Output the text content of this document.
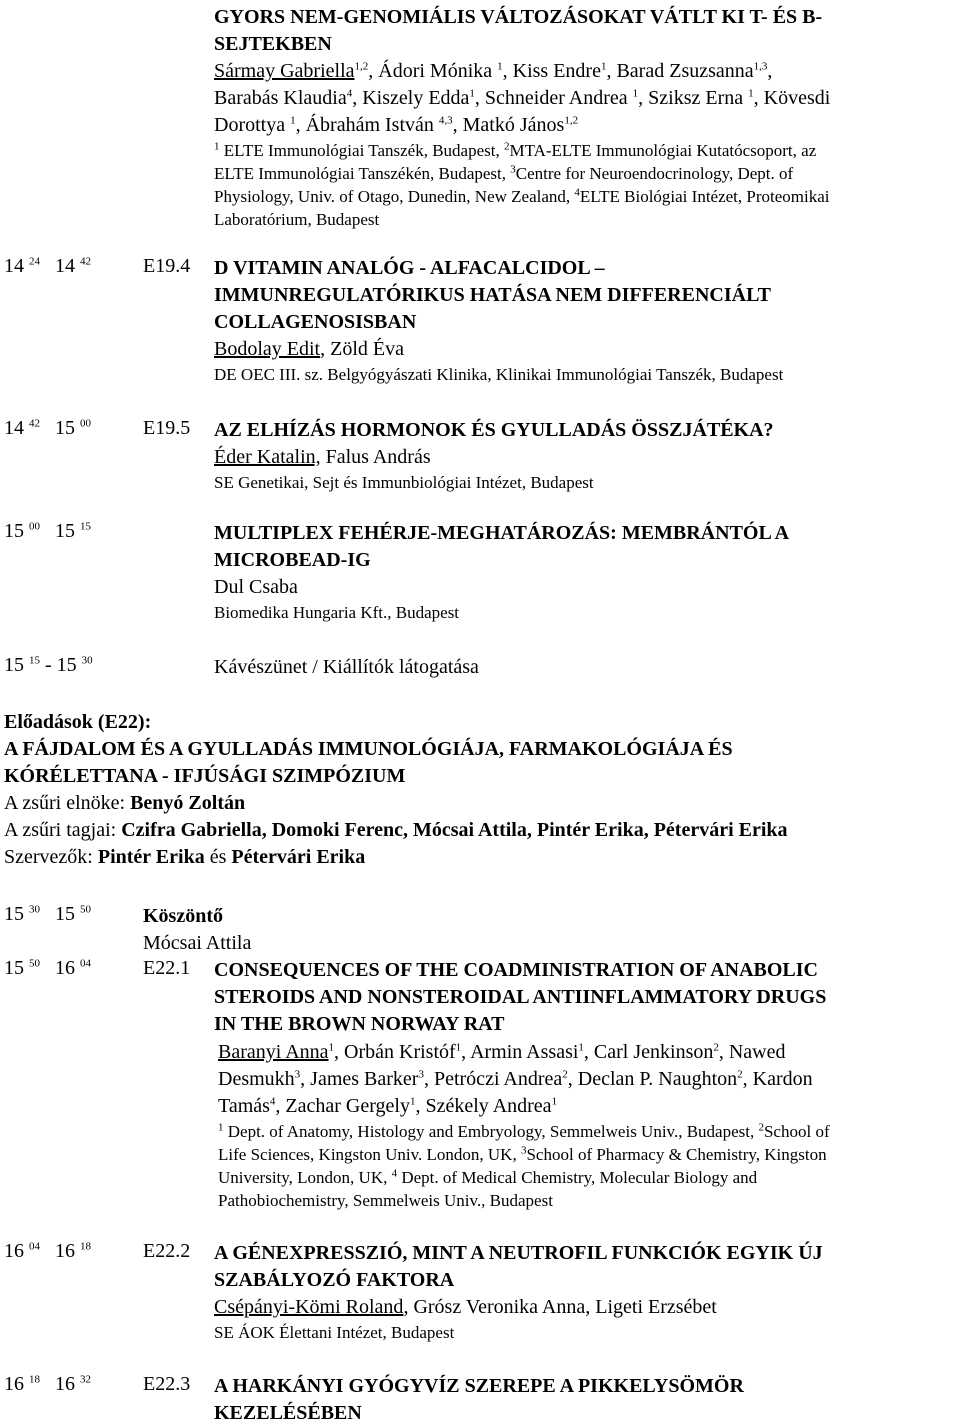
GYORS NEM-GENOMIÁLIS VÁLTOZÁSOKAT VÁTLT KI T- ÉS B-
SEJTEKBEN
Sármay Gabriella$^{1,2}$, Ádori Mónika $^1$, Kiss Endre$^1$, Barad Zsuzsanna$^{1,3}$,
Barabás Klaudia$^4$, Kiszely Edda$^1$, Schneider Andrea $^1$, Sziksz Erna $^1$, Kövesdi
Dorottya $^1$, Ábrahám István $^{4,3}$, Matkó János$^{1,2}$
$^1$ ELTE Immunológiai Tanszék, Budapest, $^2$MTA-ELTE Immunológiai Kutatócsoport, az
ELTE Immunológiai Tanszékén, Budapest, $^3$Centre for Neuroendocrinology, Dept. of
Physiology, Univ. of Otago, Dunedin, New Zealand, $^4$ELTE Biológiai Intézet, Proteomikai
Laboratórium, Budapest
14 $^{24}$   14 $^{42}$	E19.4 D VITAMIN ANALÓG - ALFACALCIDOL –
IMMUNREGULATÓRIKUS HATÁSA NEM DIFFERENCIÁLT
COLLAGENOSISBAN
Bodolay Edit, Zöld Éva
DE OEC III. sz. Belgyógyászati Klinika, Klinikai Immunológiai Tanszék, Budapest
14 $^{42}$   15 $^{00}$	E19.5 AZ ELHÍZÁS HORMONOK ÉS GYULLADÁS ÖSSZJÁTÉKA?
Éder Katalin, Falus András
SE Genetikai, Sejt és Immunbiológiai Intézet, Budapest
15 $^{00}$   15 $^{15}$	MULTIPLEX FEHÉRJE-MEGHATÁROZÁS: MEMBRÁNTÓL A
MICROBEAD-IG
Dul Csaba
Biomedika Hungaria Kft., Budapest
15 $^{15}$ - 15 $^{30}$	Kávészünet / Kiállítók látogatása
Előadások (E22):
A FÁJDALOM ÉS A GYULLADÁS IMMUNOLÓGIÁJA, FARMAKOLÓGIÁJA ÉS
KÓRÉLETTANA - IFJÚSÁGI SZIMPÓZIUM
A zsűri elnöke: Benyó Zoltán
A zsűri tagjai: Czifra Gabriella, Domoki Ferenc, Mócsai Attila, Pintér Erika, Pétervári Erika
Szervezők: Pintér Erika és Pétervári Erika
15 $^{30}$   15 $^{50}$	Köszöntő
Mócsai Attila
15 $^{50}$   16 $^{04}$	E22.1 CONSEQUENCES OF THE COADMINISTRATION OF ANABOLIC
STEROIDS AND NONSTEROIDAL ANTIINFLAMMATORY DRUGS
IN THE BROWN NORWAY RAT
Baranyi Anna$^1$, Orbán Kristóf$^1$, Armin Assasi$^1$, Carl Jenkinson$^2$, Nawed
Desmukh$^3$, James Barker$^3$, Petróczi Andrea$^2$, Declan P. Naughton$^2$, Kardon
Tamás$^4$, Zachar Gergely$^1$, Székely Andrea$^1$
$^1$ Dept. of Anatomy, Histology and Embryology, Semmelweis Univ., Budapest, $^2$School of
Life Sciences, Kingston Univ. London, UK, $^3$School of Pharmacy & Chemistry, Kingston
University, London, UK, $^4$ Dept. of Medical Chemistry, Molecular Biology and
Pathobiochemistry, Semmelweis Univ., Budapest
16 $^{04}$   16 $^{18}$	E22.2 A GÉNEXPRESSZIÓ, MINT A NEUTROFIL FUNKCIÓK EGYIK ÚJ
SZABÁLYOZÓ FAKTORA
Csépányi-Kömi Roland, Grósz Veronika Anna, Ligeti Erzsébet
SE ÁOK Élettani Intézet, Budapest
16 $^{18}$   16 $^{32}$	E22.3 A HARKÁNYI GYÓGYVÍZ SZEREPE A PIKKELYSÖMÖR
KEZELÉSÉBEN
